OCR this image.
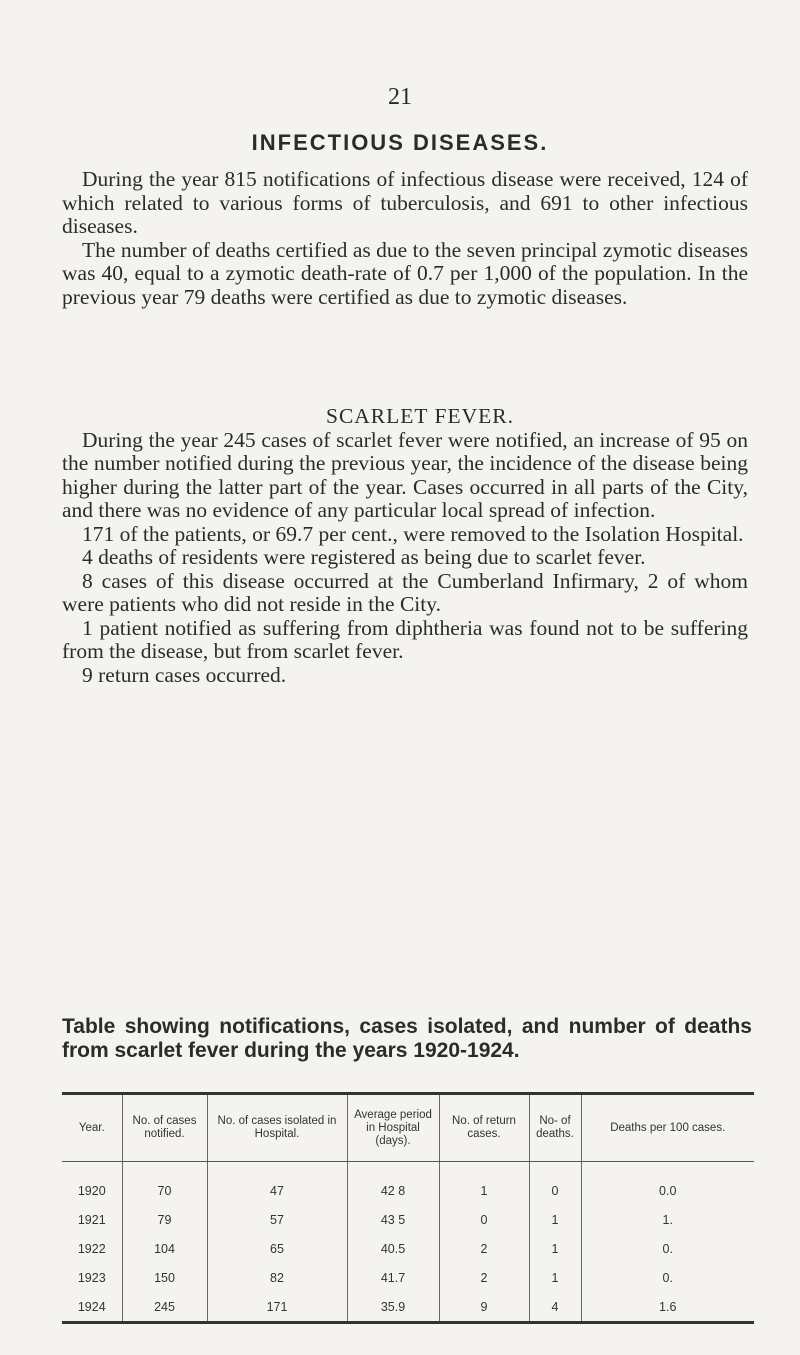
21
INFECTIOUS DISEASES.

During the year 815 notifications of infectious disease were received, 124 of which related to various forms of tuberculosis, and 691 to other infectious diseases.

The number of deaths certified as due to the seven principal zymotic diseases was 40, equal to a zymotic death-rate of 0.7 per 1,000 of the population. In the previous year 79 deaths were certified as due to zymotic diseases.

SCARLET FEVER.

During the year 245 cases of scarlet fever were notified, an increase of 95 on the number notified during the previous year, the incidence of the disease being higher during the latter part of the year. Cases occurred in all parts of the City, and there was no evidence of any particular local spread of infection.

171 of the patients, or 69.7 per cent., were removed to the Isolation Hospital.

4 deaths of residents were registered as being due to scarlet fever.

8 cases of this disease occurred at the Cumberland Infirmary, 2 of whom were patients who did not reside in the City.

1 patient notified as suffering from diphtheria was found not to be suffering from the disease, but from scarlet fever.

9 return cases occurred.

Table showing notifications, cases isolated, and number of deaths from scarlet fever during the years 1920-1924.
Year.	No. of cases notified.	No. of cases isolated in Hospital.	Average period in Hospital (days).	No. of return cases.	No- of deaths.	Deaths per 100 cases.
1920	70	47	42 8	1	0	0.0
1921	79	57	43 5	0	1	1.
1922	104	65	40.5	2	1	0.
1923	150	82	41.7	2	1	0.
1924	245	171	35.9	9	4	1.6
